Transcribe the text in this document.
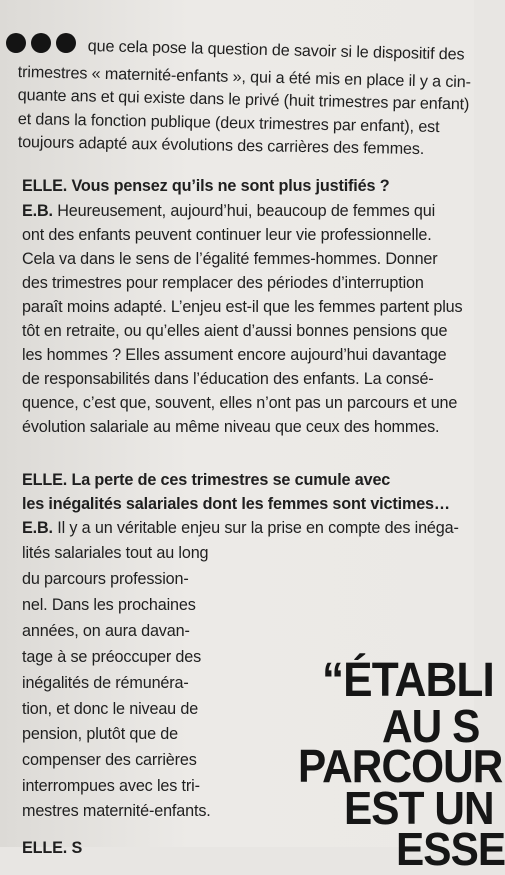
que cela pose la question de savoir si le dispositif des
trimestres « maternité-enfants », qui a été mis en place il y a cin-
quante ans et qui existe dans le privé (huit trimestres par enfant)
et dans la fonction publique (deux trimestres par enfant), est
toujours adapté aux évolutions des carrières des femmes.
ELLE. Vous pensez qu’ils ne sont plus justifiés ?
E.B. Heureusement, aujourd’hui, beaucoup de femmes qui
ont des enfants peuvent continuer leur vie professionnelle.
Cela va dans le sens de l’égalité femmes-hommes. Donner
des trimestres pour remplacer des périodes d’interruption
paraît moins adapté. L’enjeu est-il que les femmes partent plus
tôt en retraite, ou qu’elles aient d’aussi bonnes pensions que
les hommes ? Elles assument encore aujourd’hui davantage
de responsabilités dans l’éducation des enfants. La consé-
quence, c’est que, souvent, elles n’ont pas un parcours et une
évolution salariale au même niveau que ceux des hommes.
ELLE. La perte de ces trimestres se cumule avec
les inégalités salariales dont les femmes sont victimes…
E.B. Il y a un véritable enjeu sur la prise en compte des inéga-
lités salariales tout au long
du parcours profession-
nel. Dans les prochaines
années, on aura davan-
tage à se préoccuper des
inégalités de rémunéra-
tion, et donc le niveau de
pension, plutôt que de
compenser des carrières
interrompues avec les tri-
mestres maternité-enfants.
“ÉTABLI
AU S
PARCOUR
EST UN
ESSE
ELLE. S
